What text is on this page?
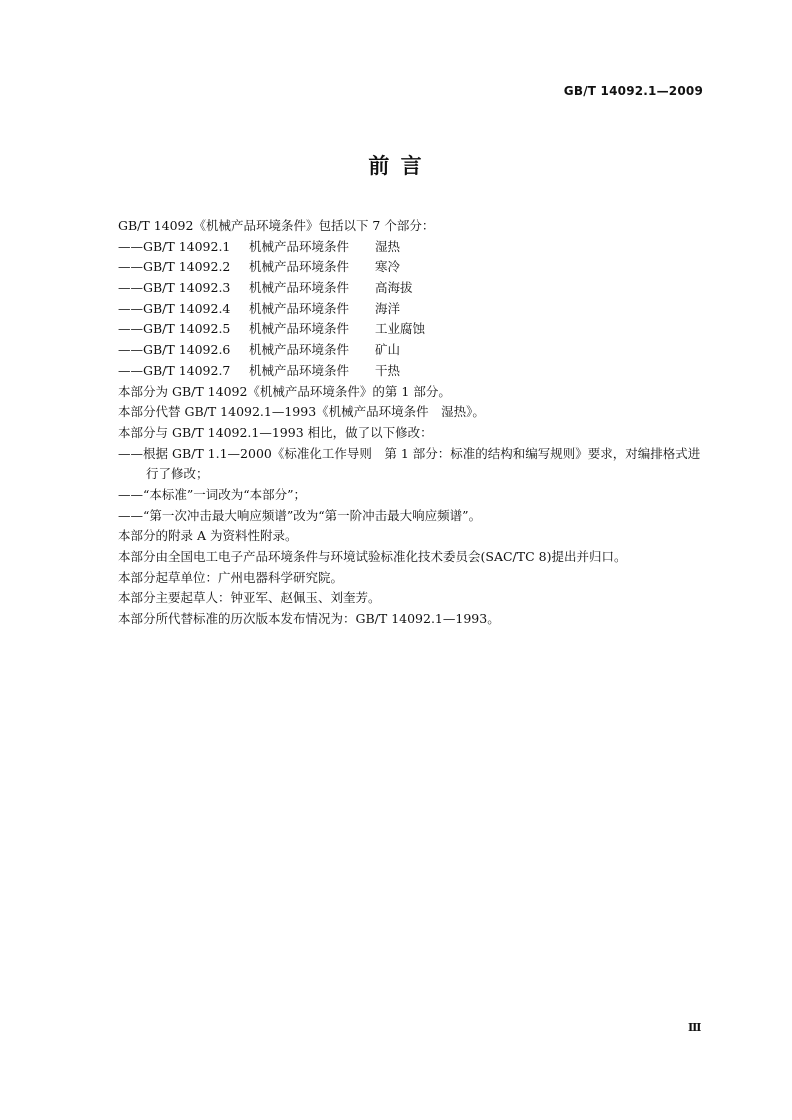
GB/T 14092.1—2009
前 言
GB/T 14092《机械产品环境条件》包括以下 7 个部分：
——GB/T 14092.1 机械产品环境条件 湿热
——GB/T 14092.2 机械产品环境条件 寒冷
——GB/T 14092.3 机械产品环境条件 高海拔
——GB/T 14092.4 机械产品环境条件 海洋
——GB/T 14092.5 机械产品环境条件 工业腐蚀
——GB/T 14092.6 机械产品环境条件 矿山
——GB/T 14092.7 机械产品环境条件 干热
本部分为 GB/T 14092《机械产品环境条件》的第 1 部分。
本部分代替 GB/T 14092.1—1993《机械产品环境条件　湿热》。
本部分与 GB/T 14092.1—1993 相比，做了以下修改：
——根据 GB/T 1.1—2000《标准化工作导则　第 1 部分：标准的结构和编写规则》要求，对编排格式进行了修改；
——“本标准”一词改为“本部分”；
——“第一次冲击最大响应频谱”改为“第一阶冲击最大响应频谱”。
本部分的附录 A 为资料性附录。
本部分由全国电工电子产品环境条件与环境试验标准化技术委员会(SAC/TC 8)提出并归口。
本部分起草单位：广州电器科学研究院。
本部分主要起草人：钟亚军、赵佩玉、刘奎芳。
本部分所代替标准的历次版本发布情况为：GB/T 14092.1—1993。
Ⅲ
